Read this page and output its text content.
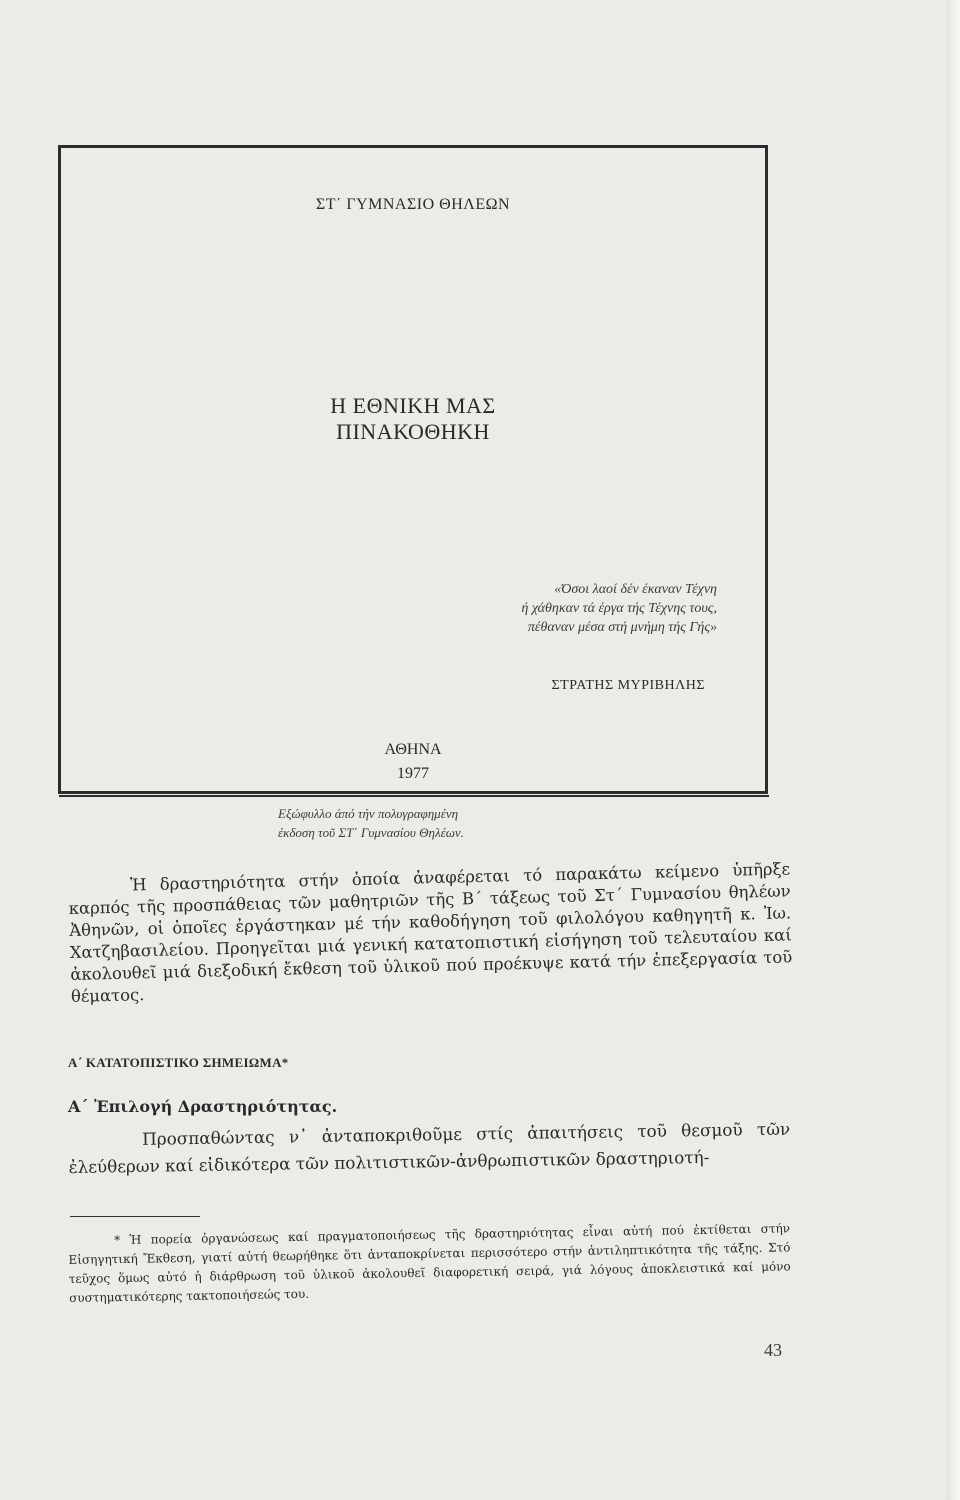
ΣΤ΄ ΓΥΜΝΑΣΙΟ ΘΗΛΕΩΝ
Η ΕΘΝΙΚΗ ΜΑΣ
ΠΙΝΑΚΟΘΗΚΗ
«Όσοι λαοί δέν έκαναν Τέχνη
ή χάθηκαν τά έργα τής Τέχνης τους,
πέθαναν μέσα στή μνήμη τής Γής»
ΣΤΡΑΤΗΣ ΜΥΡΙΒΗΛΗΣ
ΑΘΗΝΑ
1977
Εξώφυλλο άπό τήν πολυγραφημένη
έκδοση τοῦ ΣΤ΄ Γυμνασίου Θηλέων.

Ἡ δραστηριότητα στήν ὁποία ἀναφέρεται τό παρακάτω κείμενο ὑπῆρξε καρπός τῆς προσπάθειας τῶν μαθητριῶν τῆς Β΄ τάξεως τοῦ Στ΄ Γυμνασίου θηλέων Ἀθηνῶν, οἱ ὁποῖες ἐργάστηκαν μέ τήν καθοδήγηση τοῦ φιλολόγου καθηγητῆ κ. Ἰω. Χατζηβασιλείου. Προηγεῖται μιά γενική κατατοπιστική εἰσήγηση τοῦ τελευταίου καί ἀκολουθεῖ μιά διεξοδική ἔκθεση τοῦ ὑλικοῦ πού προέκυψε κατά τήν ἐπεξεργασία τοῦ θέματος.

Α΄ ΚΑΤΑΤΟΠΙΣΤΙΚΟ ΣΗΜΕΙΩΜΑ*
Α΄ Ἐπιλογή Δραστηριότητας.

Προσπαθώντας ν᾽ ἀνταποκριθοῦμε στίς ἀπαιτήσεις τοῦ θεσμοῦ τῶν ἐλεύθερων καί εἰδικότερα τῶν πολιτιστικῶν-ἀνθρωπιστικῶν δραστηριοτή-

* Ἡ πορεία ὀργανώσεως καί πραγματοποιήσεως τῆς δραστηριότητας εἶναι αὐτή πού ἐκτίθεται στήν Εἰσηγητική Ἔκθεση, γιατί αὐτή θεωρήθηκε ὅτι ἀνταποκρίνεται περισσότερο στήν ἀντιληπτικότητα τῆς τάξης. Στό τεῦχος ὅμως αὐτό ἡ διάρθρωση τοῦ ὑλικοῦ ἀκολουθεῖ διαφορετική σειρά, γιά λόγους ἀποκλειστικά καί μόνο συστηματικότερης τακτοποιήσεώς του.

43
